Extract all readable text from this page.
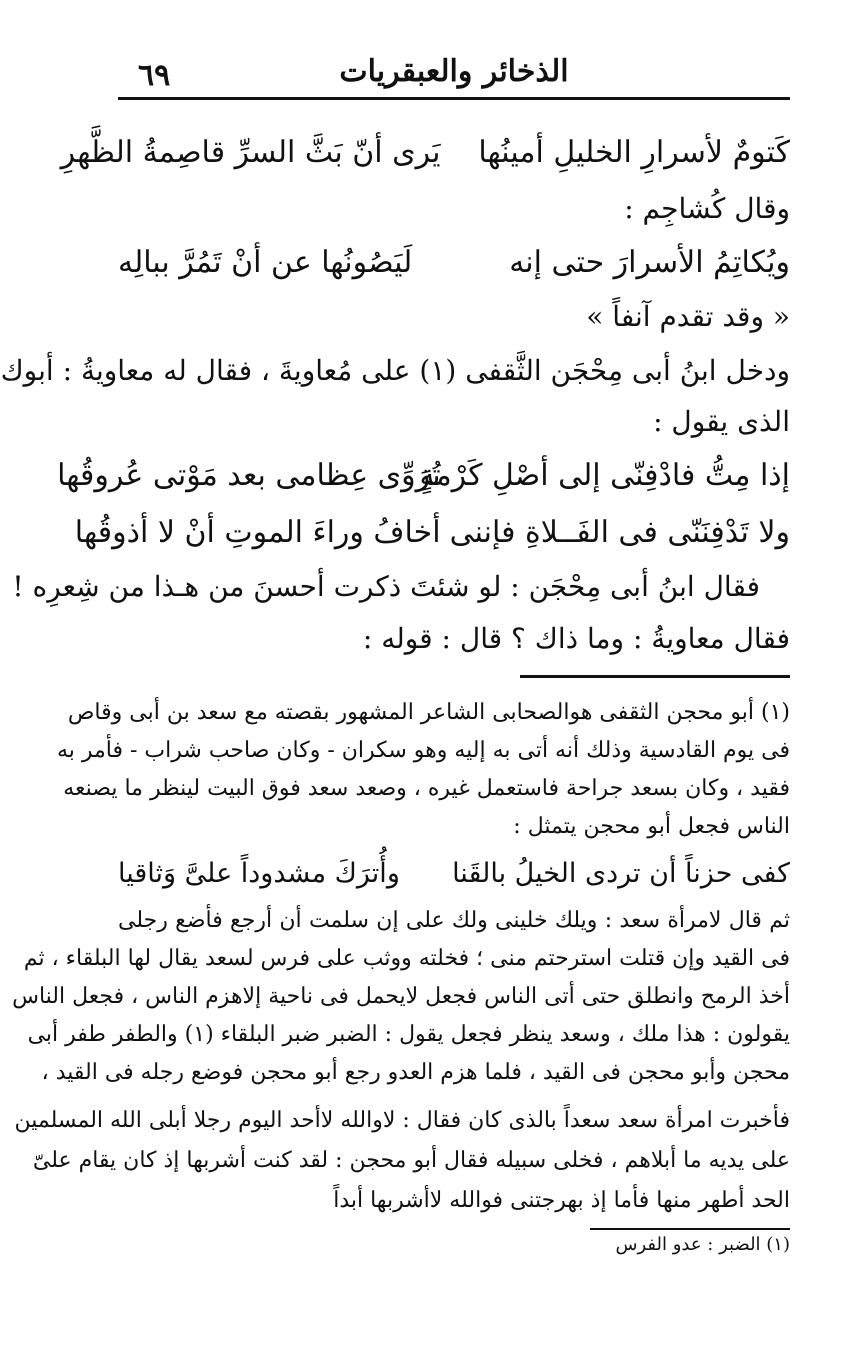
٦٩	الذخائر والعبقريات
كَتومٌ لأسرارِ الخليلِ أمينُها
يَرى أنّ بَثَّ السرِّ قاصِمةُ الظَّهرِ
وقال كُشاجِم :
ويُكاتِمُ الأسرارَ حتى إنه
لَيَصُونُها عن أنْ تَمُرَّ ببالِه
« وقد تقدم آنفاً »
ودخل ابنُ أبى مِحْجَن الثَّقفى (١) على مُعاويةَ ، فقال له معاويةُ : أبوك
الذى يقول :
إذا مِتُّ فادْفِنّى إلى أصْلِ كَرْمةٍ
تُرَوِّى عِظامى بعد مَوْتى عُروقُها
ولا تَدْفِنَنّى فى الفَــلاةِ فإننى
أخافُ وراءَ الموتِ أنْ لا أذوقُها
فقال ابنُ أبى مِحْجَن : لو شئتَ ذكرت أحسنَ من هـذا من شِعرِه !
فقال معاويةُ : وما ذاك ؟ قال : قوله :
(١) أبو محجن الثقفى هوالصحابى الشاعر المشهور بقصته مع سعد بن أبى وقاص
فى يوم القادسية وذلك أنه أتى به إليه وهو سكران - وكان صاحب شراب - فأمر به
فقيد ، وكان بسعد جراحة فاستعمل غيره ، وصعد سعد فوق البيت لينظر ما يصنعه
الناس فجعل أبو محجن يتمثل :
كفى حزناً أن تردى الخيلُ بالقَنا
وأُترَكَ مشدوداً علىَّ وَثاقيا
ثم قال لامرأة سعد : ويلك خلينى ولك على إن سلمت أن أرجع فأضع رجلى
فى القيد وإن قتلت استرحتم منى ؛ فخلته ووثب على فرس لسعد يقال لها البلقاء ، ثم
أخذ الرمح وانطلق حتى أتى الناس فجعل لايحمل فى ناحية إلاهزم الناس ، فجعل الناس
يقولون : هذا ملك ، وسعد ينظر فجعل يقول : الضبر ضبر البلقاء (١) والطفر طفر أبى
محجن وأبو محجن فى القيد ، فلما هزم العدو رجع أبو محجن فوضع رجله فى القيد ،
فأخبرت امرأة سعد سعداً بالذى كان فقال : لاوالله لاأحد اليوم رجلا أبلى الله المسلمين
على يديه ما أبلاهم ، فخلى سبيله فقال أبو محجن : لقد كنت أشربها إذ كان يقام علىّ
الحد أطهر منها فأما إذ بهرجتنى فوالله لاأشربها أبداً
(١) الضبر : عدو الفرس
